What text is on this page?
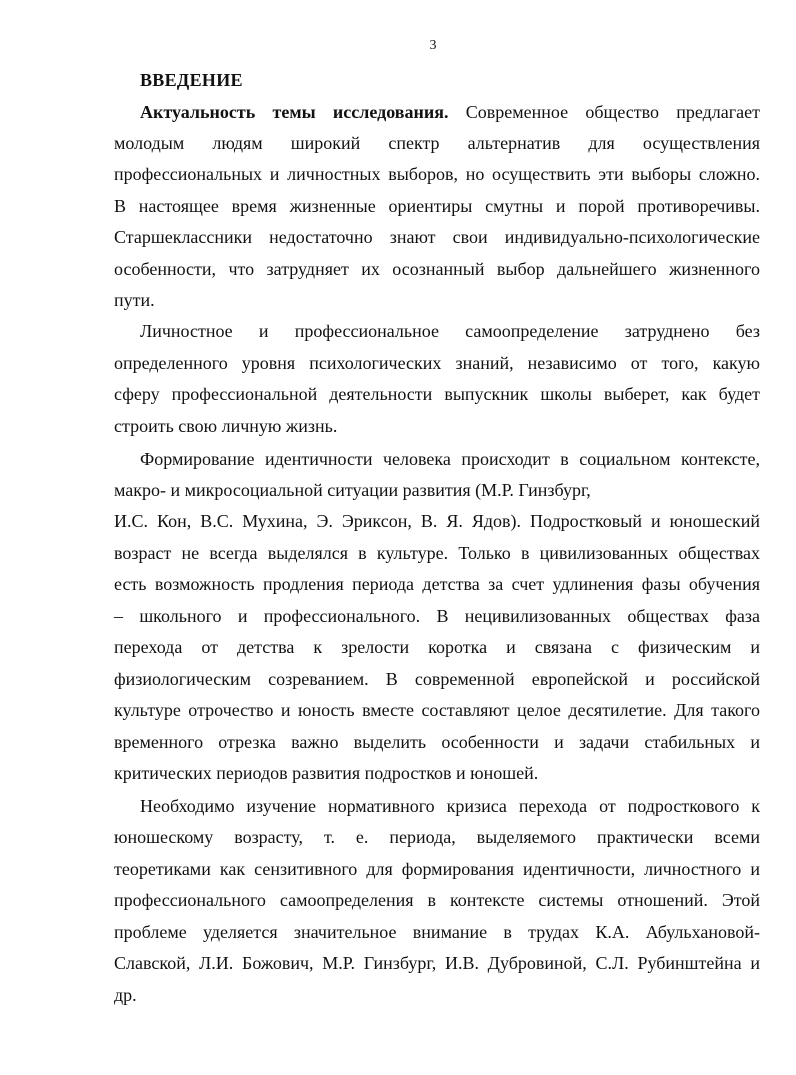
3
ВВЕДЕНИЕ
Актуальность темы исследования. Современное общество предлагает
молодым людям широкий спектр альтернатив для осуществления
профессиональных и личностных выборов, но осуществить эти выборы сложно.
В настоящее время жизненные ориентиры смутны и порой противоречивы.
Старшеклассники недостаточно знают свои индивидуально-психологические
особенности, что затрудняет их осознанный выбор дальнейшего жизненного
пути.
Личностное и профессиональное самоопределение затруднено без
определенного уровня психологических знаний, независимо от того, какую
сферу профессиональной деятельности выпускник школы выберет, как будет
строить свою личную жизнь.
Формирование идентичности человека происходит в социальном контексте,
макро- и микросоциальной ситуации развития (М.Р. Гинзбург,
И.С. Кон, В.С. Мухина, Э. Эриксон, В. Я. Ядов). Подростковый и юношеский
возраст не всегда выделялся в культуре. Только в цивилизованных обществах
есть возможность продления периода детства за счет удлинения фазы обучения
– школьного и профессионального. В нецивилизованных обществах фаза
перехода от детства к зрелости коротка и связана с физическим и
физиологическим созреванием. В современной европейской и российской
культуре отрочество и юность вместе составляют целое десятилетие. Для такого
временного отрезка важно выделить особенности и задачи стабильных и
критических периодов развития подростков и юношей.
Необходимо изучение нормативного кризиса перехода от подросткового к
юношескому возрасту, т. е. периода, выделяемого практически всеми
теоретиками как сензитивного для формирования идентичности, личностного и
профессионального самоопределения в контексте системы отношений. Этой
проблеме уделяется значительное внимание в трудах К.А. Абульхановой-
Славской, Л.И. Божович, М.Р. Гинзбург, И.В. Дубровиной, С.Л. Рубинштейна и
др.
